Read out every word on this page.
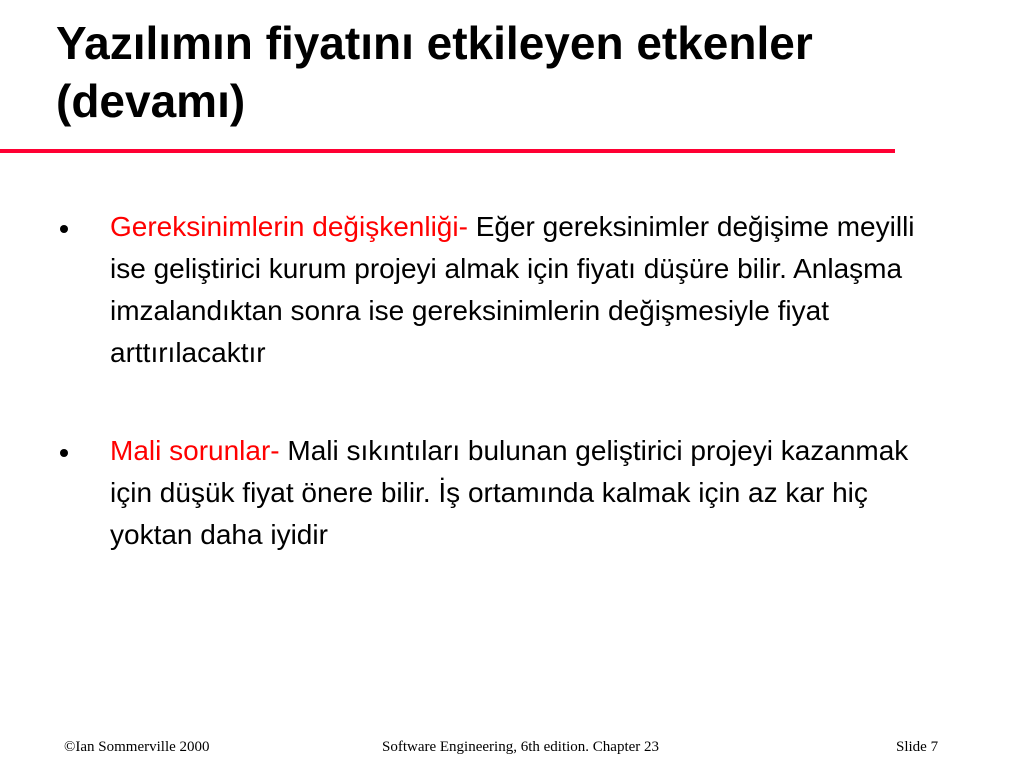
Yazılımın fiyatını etkileyen etkenler (devamı)
Gereksinimlerin değişkenliği- Eğer gereksinimler değişime meyilli ise geliştirici kurum projeyi almak için fiyatı düşüre bilir. Anlaşma imzalandıktan sonra ise gereksinimlerin değişmesiyle fiyat arttırılacaktır
Mali sorunlar- Mali sıkıntıları bulunan geliştirici projeyi kazanmak için düşük fiyat önere bilir. İş ortamında kalmak için az kar hiç yoktan daha iyidir
©Ian Sommerville 2000	Software Engineering, 6th edition. Chapter 23	Slide 7
